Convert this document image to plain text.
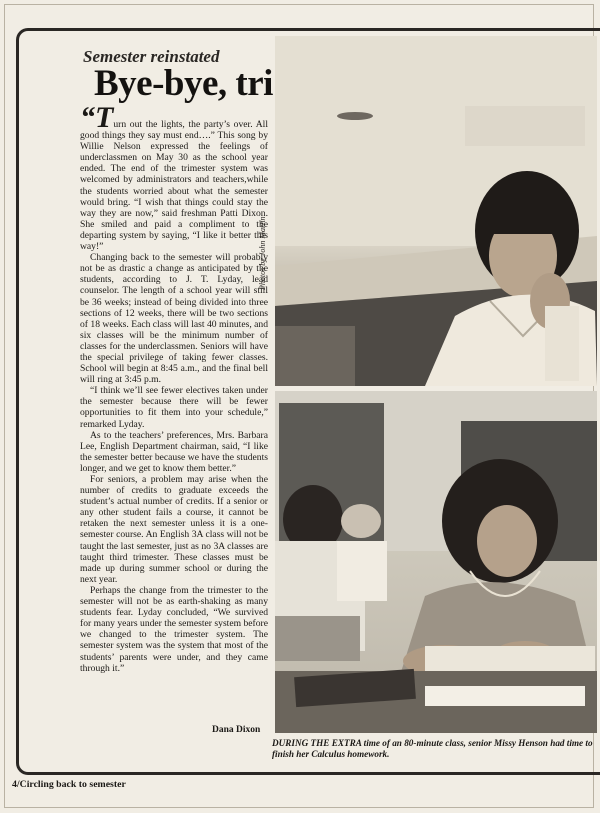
Photos by John Martin
Semester reinstated
Bye-bye, tri

“Turn out the lights, the party’s over. All good things they say must end….” This song by Willie Nelson expressed the feelings of underclassmen on May 30 as the school year ended. The end of the trimester system was welcomed by administrators and teachers,while the students worried about what the semester would bring. “I wish that things could stay the way they are now,” said freshman Patti Dixon. She smiled and paid a compliment to the departing system by saying, “I like it better this way!”

Changing back to the semester will probably not be as drastic a change as anticipated by the students, according to J. T. Lyday, lead counselor. The length of a school year will still be 36 weeks; instead of being divided into three sections of 12 weeks, there will be two sections of 18 weeks. Each class will last 40 minutes, and six classes will be the minimum number of classes for the underclassmen. Seniors will have the special privilege of taking fewer classes. School will begin at 8:45 a.m., and the final bell will ring at 3:45 p.m.

“I think we’ll see fewer electives taken under the semester because there will be fewer opportunities to fit them into your schedule,” remarked Lyday.

As to the teachers’ preferences, Mrs. Barbara Lee, English Department chairman, said, “I like the semester better because we have the students longer, and we get to know them better.”

For seniors, a problem may arise when the number of credits to graduate exceeds the student’s actual number of credits. If a senior or any other student fails a course, it cannot be retaken the next semester unless it is a one-semester course. An English 3A class will not be taught the last semester, just as no 3A classes are taught third trimester. These classes must be made up during summer school or during the next year.

Perhaps the change from the trimester to the semester will not be as earth-shaking as many students fear. Lyday concluded, “We survived for many years under the semester system before we changed to the trimester system. The semester system was the system that most of the students’ parents were under, and they came through it.”

Dana Dixon
DURING THE EXTRA time of an 80-minute class, senior Missy Henson had time to finish her Calculus homework.
4/Circling back to semester
